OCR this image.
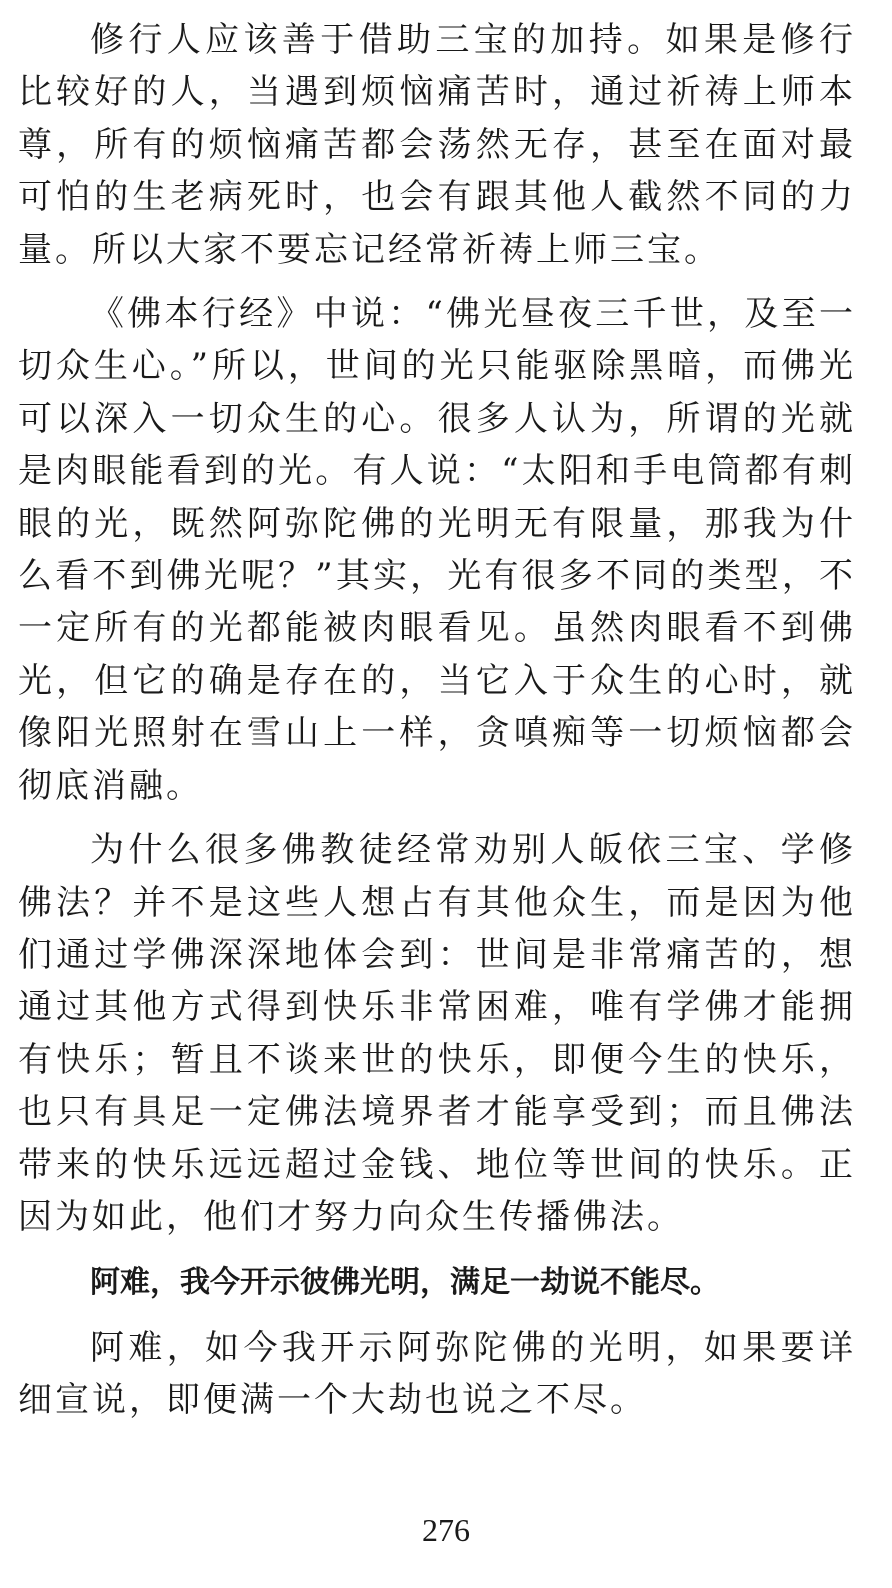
修行人应该善于借助三宝的加持。如果是修行比较好的人，当遇到烦恼痛苦时，通过祈祷上师本尊，所有的烦恼痛苦都会荡然无存，甚至在面对最可怕的生老病死时，也会有跟其他人截然不同的力量。所以大家不要忘记经常祈祷上师三宝。

《佛本行经》中说：“佛光昼夜三千世，及至一切众生心。”所以，世间的光只能驱除黑暗，而佛光可以深入一切众生的心。很多人认为，所谓的光就是肉眼能看到的光。有人说：“太阳和手电筒都有刺眼的光，既然阿弥陀佛的光明无有限量，那我为什么看不到佛光呢？”其实，光有很多不同的类型，不一定所有的光都能被肉眼看见。虽然肉眼看不到佛光，但它的确是存在的，当它入于众生的心时，就像阳光照射在雪山上一样，贪嗔痴等一切烦恼都会彻底消融。

为什么很多佛教徒经常劝别人皈依三宝、学修佛法？并不是这些人想占有其他众生，而是因为他们通过学佛深深地体会到：世间是非常痛苦的，想通过其他方式得到快乐非常困难，唯有学佛才能拥有快乐；暂且不谈来世的快乐，即便今生的快乐，也只有具足一定佛法境界者才能享受到；而且佛法带来的快乐远远超过金钱、地位等世间的快乐。正因为如此，他们才努力向众生传播佛法。

阿难，我今开示彼佛光明，满足一劫说不能尽。

阿难，如今我开示阿弥陀佛的光明，如果要详细宣说，即便满一个大劫也说之不尽。

276
